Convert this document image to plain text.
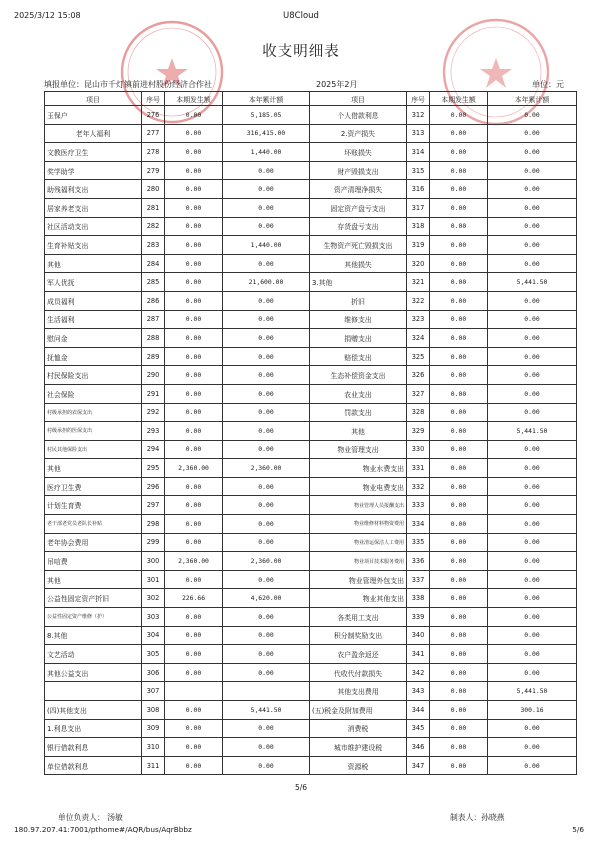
2025/3/12 15:08	U8Cloud
收支明细表
填报单位：昆山市千灯镇前进村股份经济合作社	2025年2月	单位：元
项目	序号	本期发生额	本年累计额	项目	序号	本期发生额	本年累计额
玉保户	276	0.00	5,185.05	个人借款利息	312	0.00	0.00
老年人福利	277	0.00	316,415.00	2.资产损失	313	0.00	0.00
文教医疗卫生	278	0.00	1,440.00	坏账损失	314	0.00	0.00
奖学助学	279	0.00	0.00	财产毁损支出	315	0.00	0.00
助残福利支出	280	0.00	0.00	资产清理净损失	316	0.00	0.00
居家养老支出	281	0.00	0.00	固定资产盘亏支出	317	0.00	0.00
社区活动支出	282	0.00	0.00	存货盘亏支出	318	0.00	0.00
生育补贴支出	283	0.00	1,440.00	生物资产死亡毁损支出	319	0.00	0.00
其他	284	0.00	0.00	其他损失	320	0.00	0.00
军人优抚	285	0.00	21,600.00	3.其他	321	0.00	5,441.50
成员福利	286	0.00	0.00	折旧	322	0.00	0.00
生活福利	287	0.00	0.00	维修支出	323	0.00	0.00
慰问金	288	0.00	0.00	捐赠支出	324	0.00	0.00
抚恤金	289	0.00	0.00	赔偿支出	325	0.00	0.00
村民保险支出	290	0.00	0.00	生态补偿资金支出	326	0.00	0.00
社会保险	291	0.00	0.00	农业支出	327	0.00	0.00
村级承担的农保支出	292	0.00	0.00	罚款支出	328	0.00	0.00
村级承担的医保支出	293	0.00	0.00	其他	329	0.00	5,441.50
村民其他保险支出	294	0.00	0.00	物业管理支出	330	0.00	0.00
其他	295	2,360.00	2,360.00	物业水费支出	331	0.00	0.00
医疗卫生费	296	0.00	0.00	物业电费支出	332	0.00	0.00
计划生育费	297	0.00	0.00	物业管理人员报酬支出	333	0.00	0.00
老干部老党员老队长补贴	298	0.00	0.00	物业维修材料物资费用	334	0.00	0.00
老年协会费用	299	0.00	0.00	物业清运保洁人工费用	335	0.00	0.00
吊唁费	300	2,360.00	2,360.00	物业项目技术服务费用	336	0.00	0.00
其他	301	0.00	0.00	物业管理外包支出	337	0.00	0.00
公益性固定资产折旧	302	226.66	4,620.00	物业其他支出	338	0.00	0.00
公益性固定资产维修（护）	303	0.00	0.00	各类用工支出	339	0.00	0.00
8.其他	304	0.00	0.00	积分制奖励支出	340	0.00	0.00
文艺活动	305	0.00	0.00	农户盈余返还	341	0.00	0.00
其他公益支出	306	0.00	0.00	代收代付款损失	342	0.00	0.00
	307			其他支出费用	343	0.00	5,441.50
(四)其他支出	308	0.00	5,441.50	(五)税金及附加费用	344	0.00	300.16
1.利息支出	309	0.00	0.00	消费税	345	0.00	0.00
银行借款利息	310	0.00	0.00	城市维护建设税	346	0.00	0.00
单位借款利息	311	0.00	0.00	资源税	347	0.00	0.00
5/6
单位负责人： 汤敏	制表人：孙晓燕
180.97.207.41:7001/pthome#/AQR/bus/AqrBbbz	5/6
